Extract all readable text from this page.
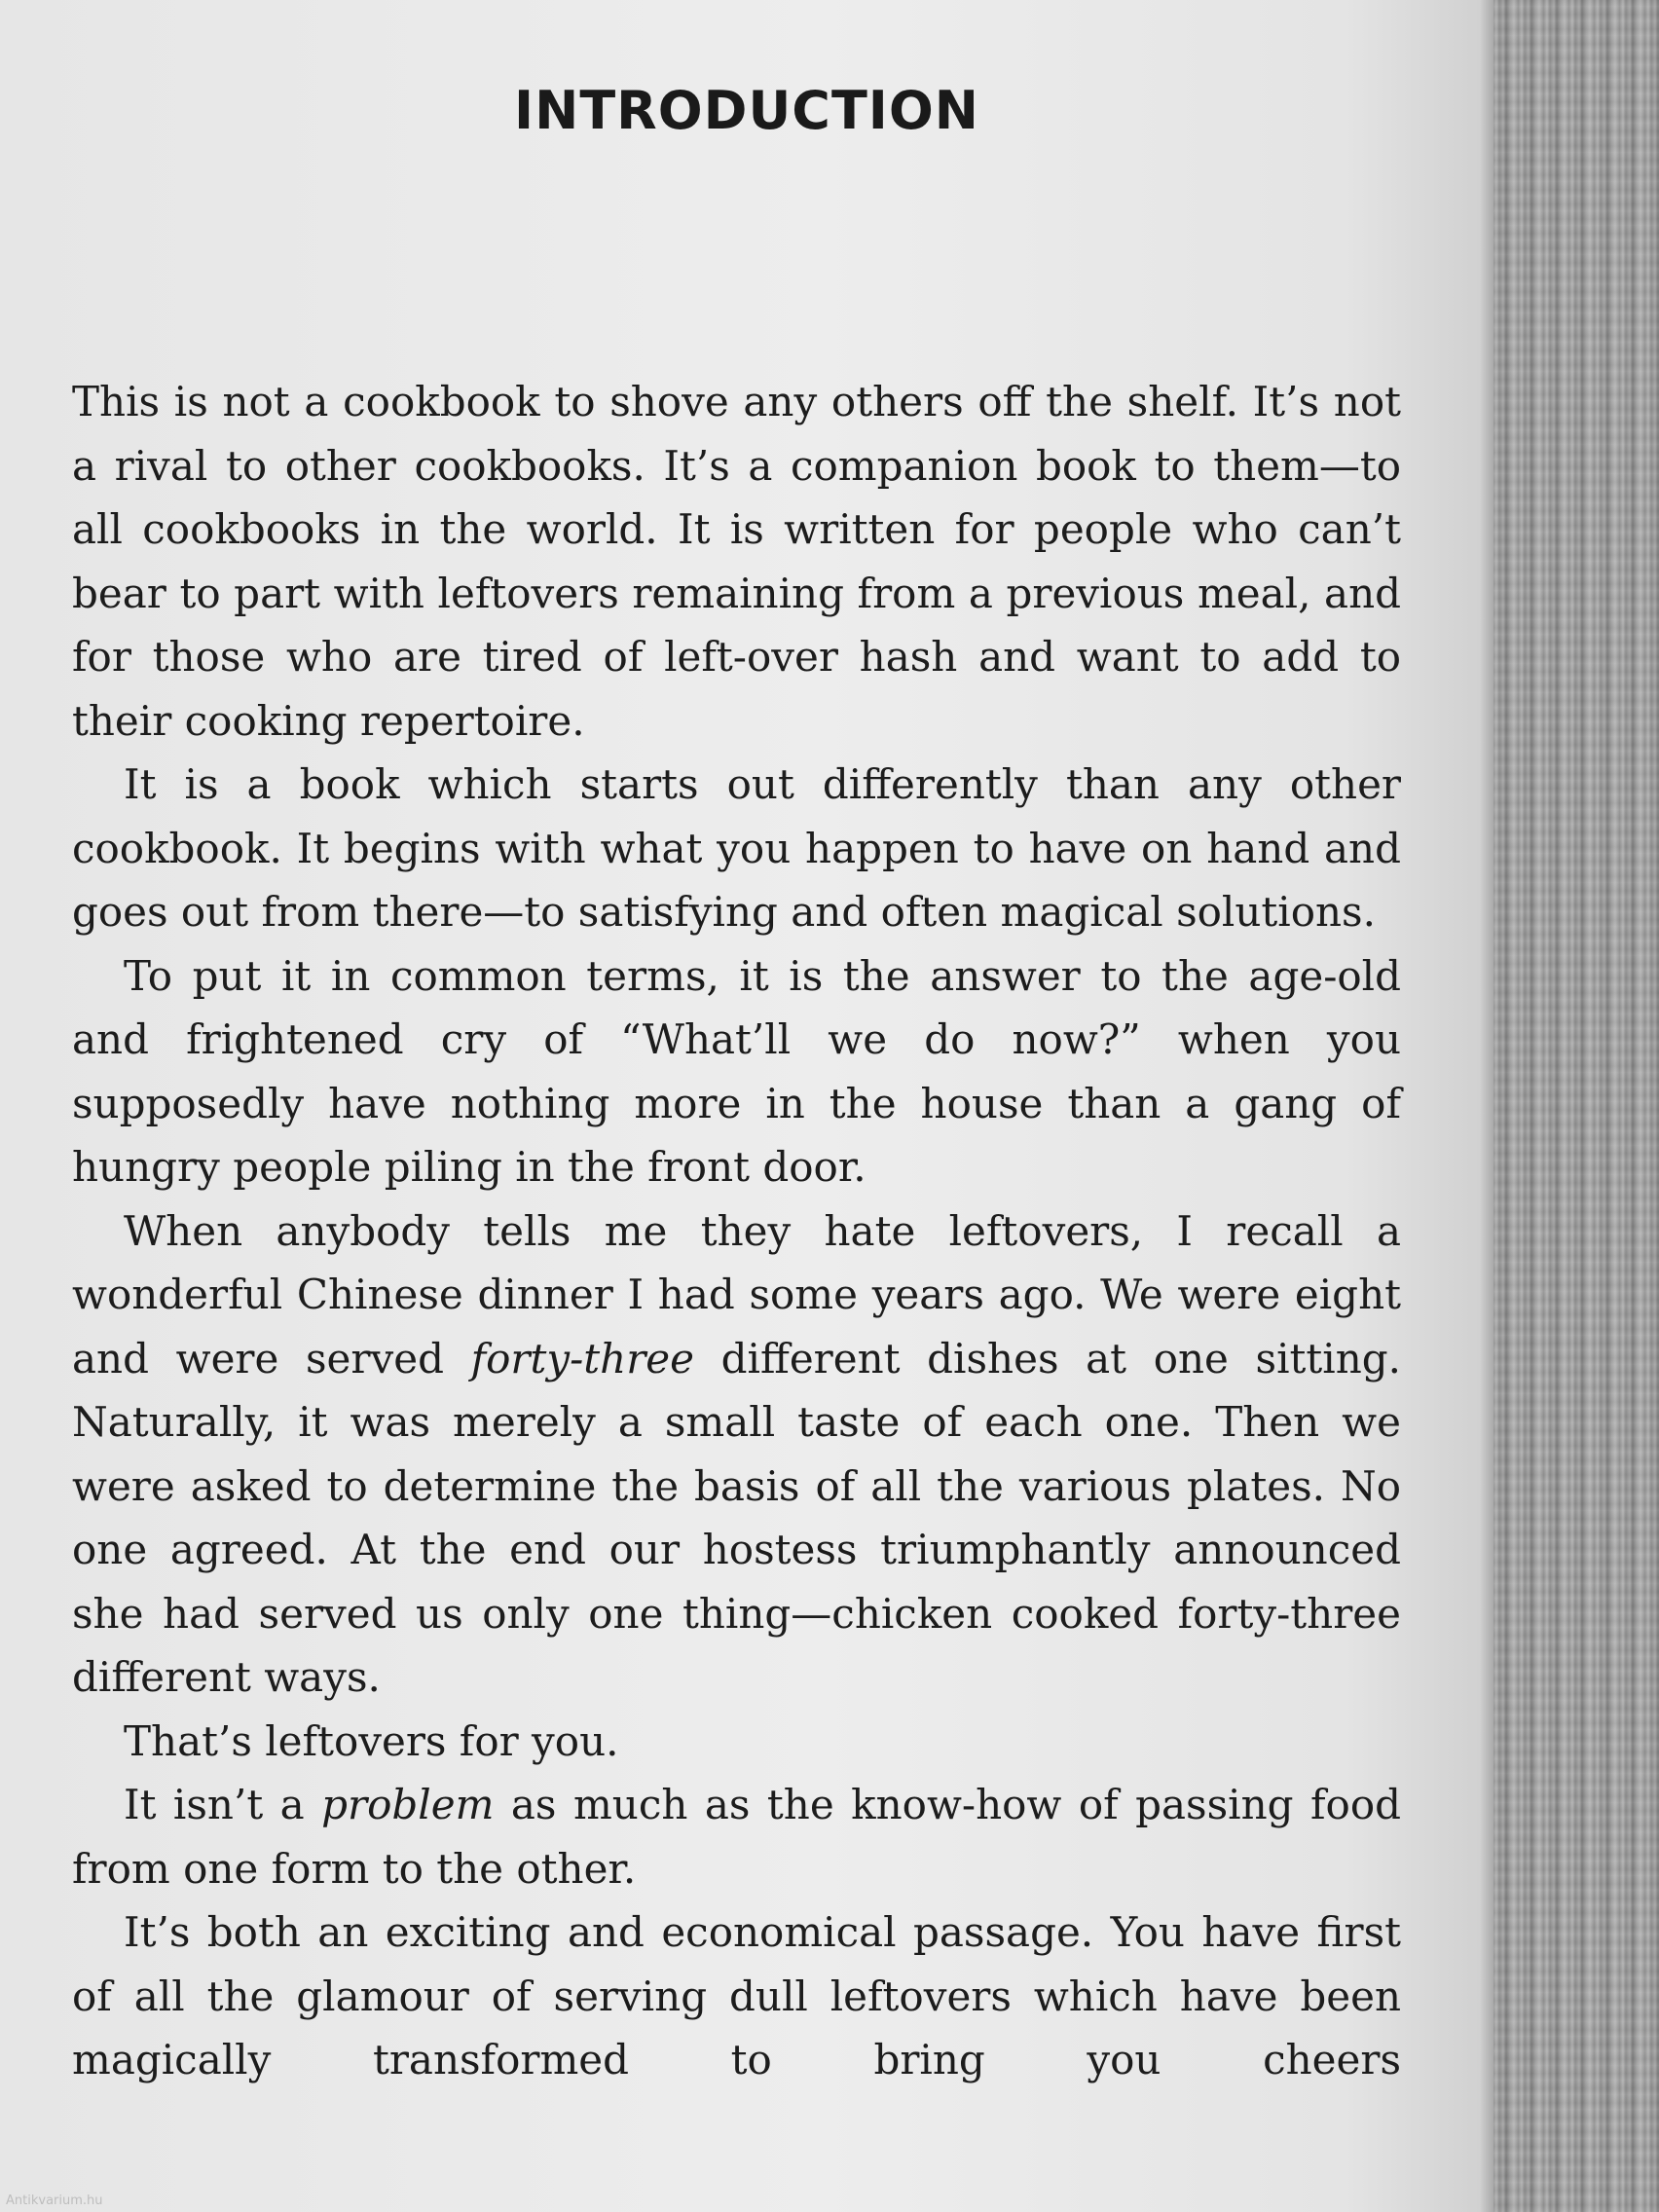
INTRODUCTION

This is not a cookbook to shove any others off the shelf. It’s not a rival to other cookbooks. It’s a companion book to them—to all cookbooks in the world. It is written for people who can’t bear to part with leftovers remaining from a previous meal, and for those who are tired of left-over hash and want to add to their cooking repertoire.

It is a book which starts out differently than any other cookbook. It begins with what you happen to have on hand and goes out from there—to satisfying and often magical solutions.

To put it in common terms, it is the answer to the age-old and frightened cry of “What’ll we do now?” when you supposedly have nothing more in the house than a gang of hungry people piling in the front door.

When anybody tells me they hate leftovers, I recall a wonderful Chinese dinner I had some years ago. We were eight and were served forty-three different dishes at one sitting. Naturally, it was merely a small taste of each one. Then we were asked to determine the basis of all the various plates. No one agreed. At the end our hostess triumphantly announced she had served us only one thing—chicken cooked forty-three different ways.

That’s leftovers for you.

It isn’t a problem as much as the know-how of passing food from one form to the other.

It’s both an exciting and economical passage. You have first of all the glamour of serving dull leftovers which have been magically transformed to bring you cheers

Antikvarium.hu
